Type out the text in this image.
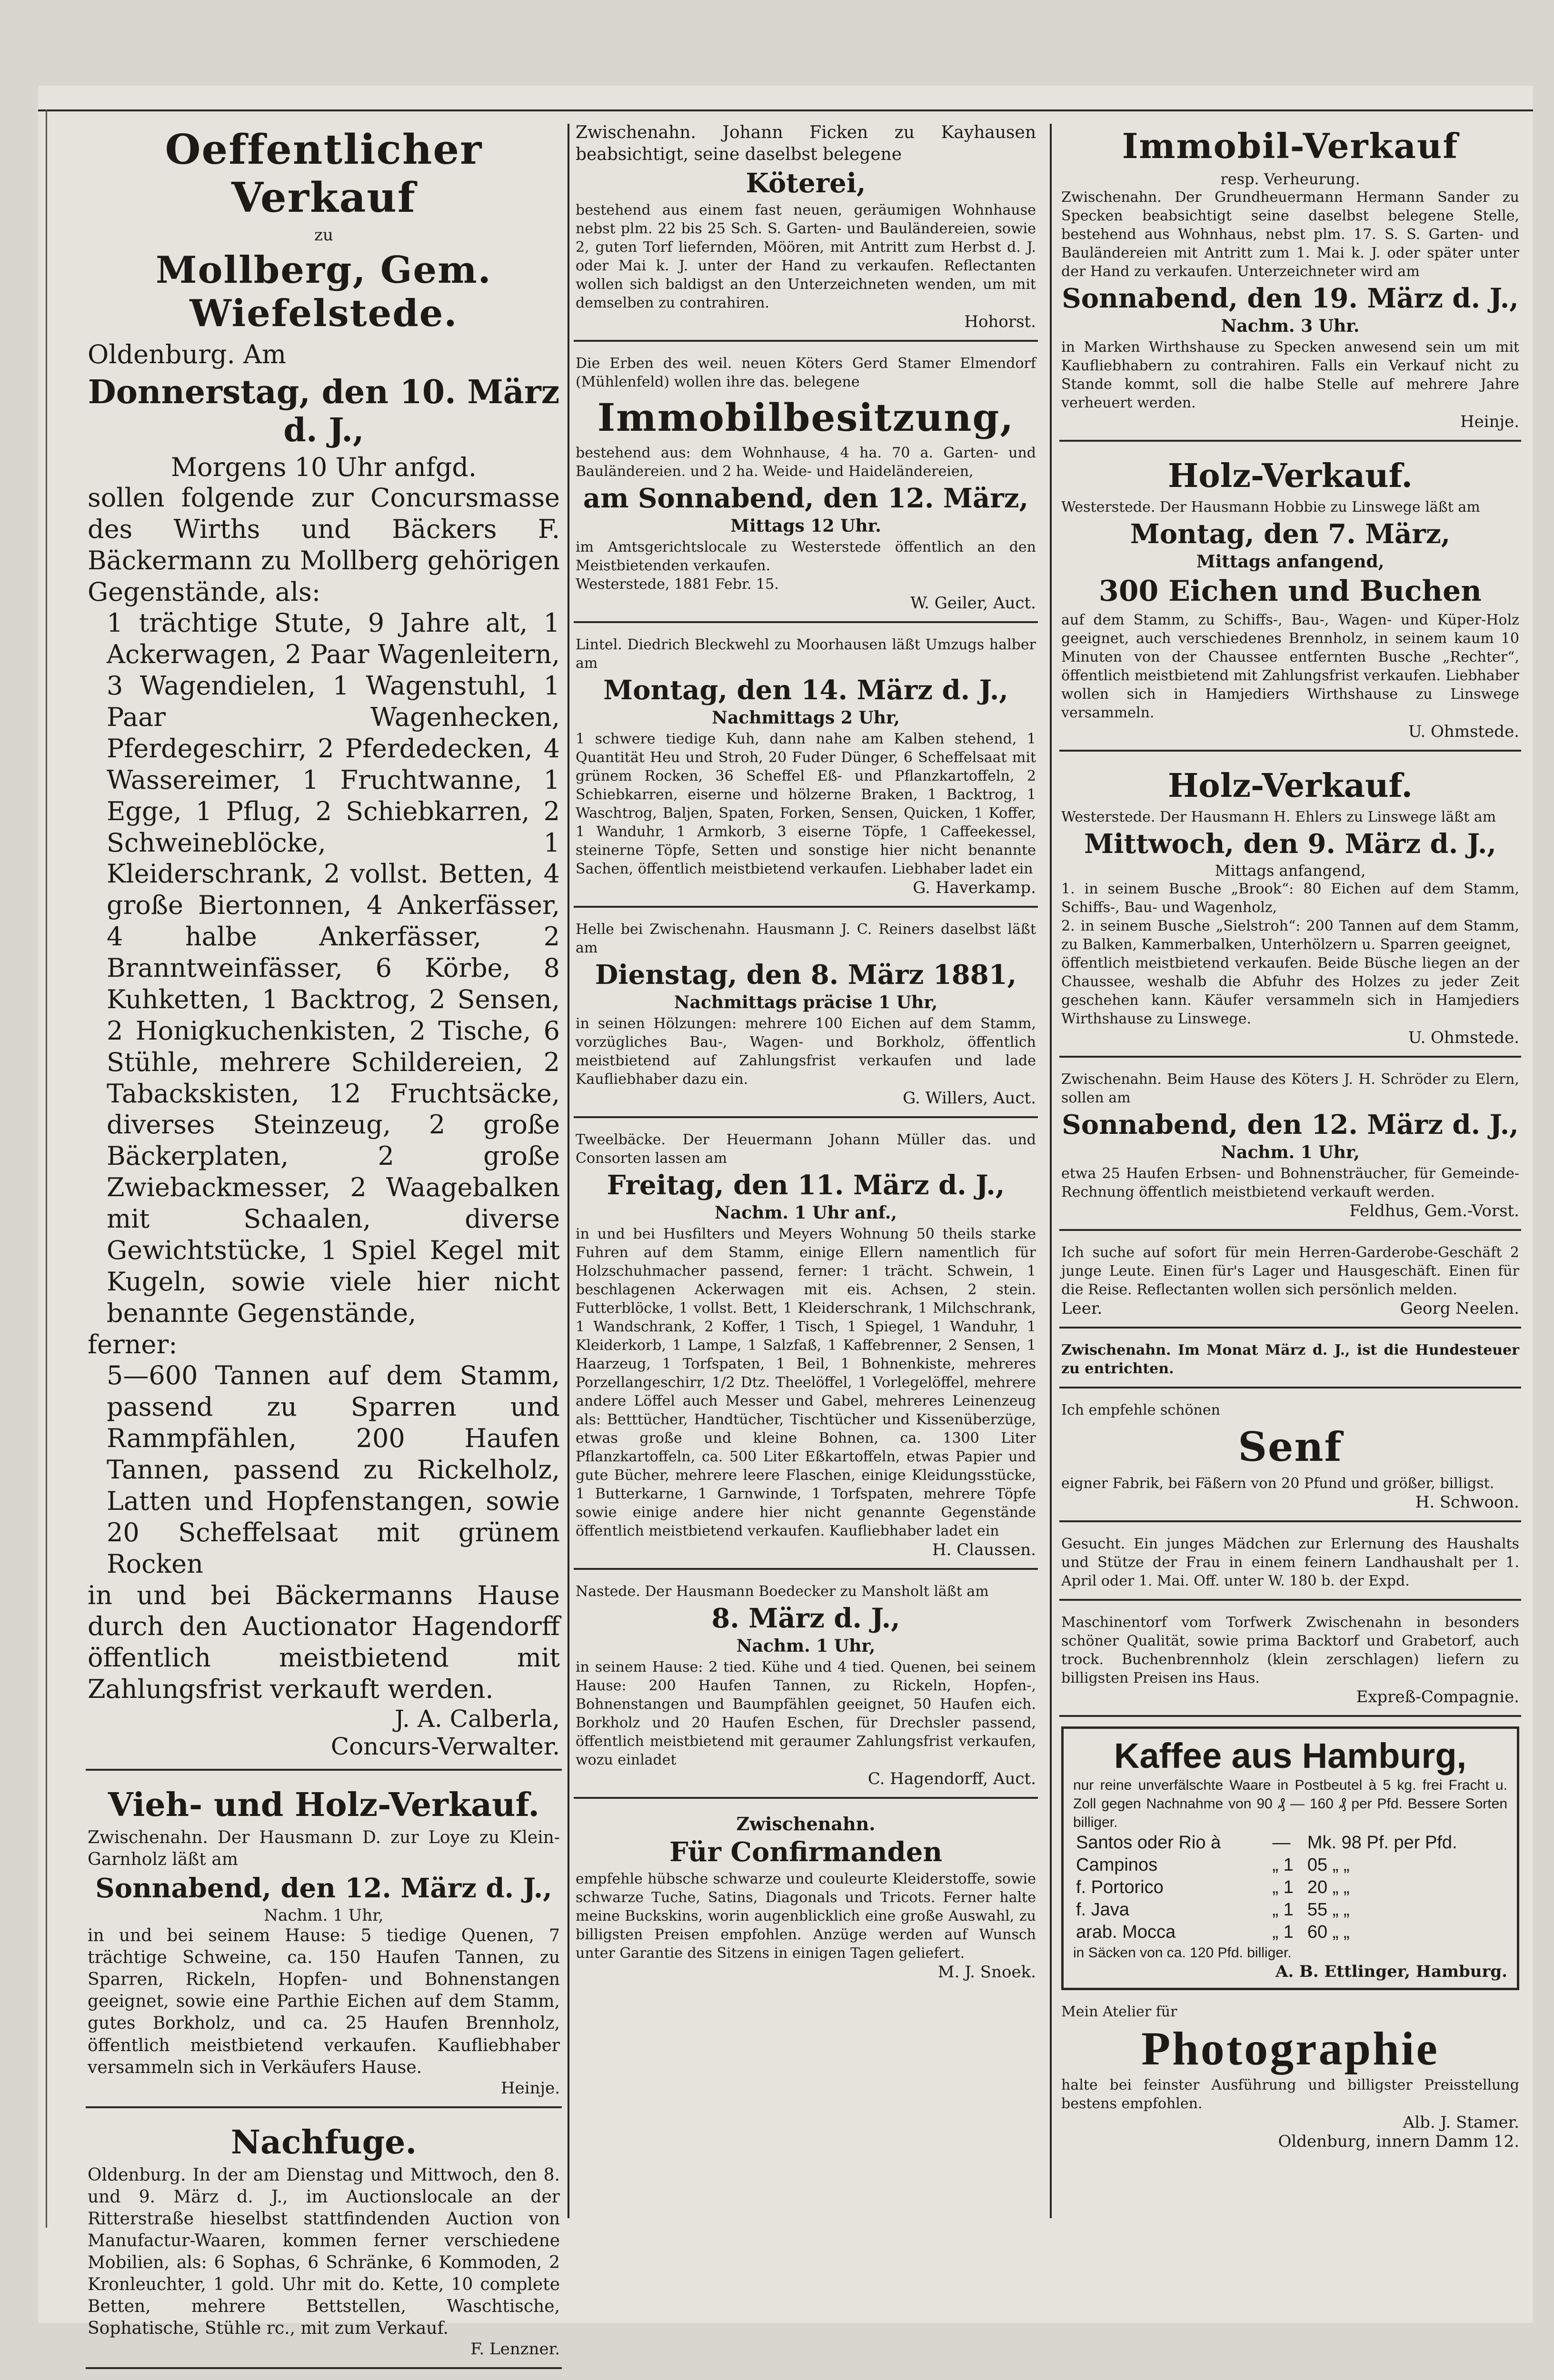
Oeffentlicher Verkauf
zu
Mollberg, Gem. Wiefelstede.

Oldenburg. Am

Donnerstag, den 10. März d. J.,
Morgens 10 Uhr anfgd.

sollen folgende zur Concursmasse des Wirths und Bäckers F. Bäckermann zu Mollberg gehörigen Gegenstände, als:

1 trächtige Stute, 9 Jahre alt, 1 Ackerwagen, 2 Paar Wagenleitern, 3 Wagendielen, 1 Wagenstuhl, 1 Paar Wagenhecken, Pferdegeschirr, 2 Pferdedecken, 4 Wassereimer, 1 Fruchtwanne, 1 Egge, 1 Pflug, 2 Schiebkarren, 2 Schweineblöcke, 1 Kleiderschrank, 2 vollst. Betten, 4 große Biertonnen, 4 Ankerfässer, 4 halbe Ankerfässer, 2 Branntweinfässer, 6 Körbe, 8 Kuhketten, 1 Backtrog, 2 Sensen, 2 Honigkuchenkisten, 2 Tische, 6 Stühle, mehrere Schildereien, 2 Tabackskisten, 12 Fruchtsäcke, diverses Steinzeug, 2 große Bäckerplaten, 2 große Zwiebackmesser, 2 Waagebalken mit Schaalen, diverse Gewichtstücke, 1 Spiel Kegel mit Kugeln, sowie viele hier nicht benannte Gegenstände,

ferner:

5—600 Tannen auf dem Stamm, passend zu Sparren und Rammpfählen, 200 Haufen Tannen, passend zu Rickelholz, Latten und Hopfenstangen, sowie 20 Scheffelsaat mit grünem Rocken

in und bei Bäckermanns Hause durch den Auctionator Hagendorff öffentlich meistbietend mit Zahlungsfrist verkauft werden.

J. A. Calberla,
Concurs-Verwalter.
Vieh- und Holz-Verkauf.

Zwischenahn. Der Hausmann D. zur Loye zu Klein-Garnholz läßt am

Sonnabend, den 12. März d. J.,
Nachm. 1 Uhr,

in und bei seinem Hause: 5 tiedige Quenen, 7 trächtige Schweine, ca. 150 Haufen Tannen, zu Sparren, Rickeln, Hopfen- und Bohnenstangen geeignet, sowie eine Parthie Eichen auf dem Stamm, gutes Borkholz, und ca. 25 Haufen Brennholz, öffentlich meistbietend verkaufen. Kaufliebhaber versammeln sich in Verkäufers Hause.

Heinje.
Nachfuge.

Oldenburg. In der am Dienstag und Mittwoch, den 8. und 9. März d. J., im Auctionslocale an der Ritterstraße hieselbst stattfindenden Auction von Manufactur-Waaren, kommen ferner verschiedene Mobilien, als: 6 Sophas, 6 Schränke, 6 Kommoden, 2 Kronleuchter, 1 gold. Uhr mit do. Kette, 10 complete Betten, mehrere Bettstellen, Waschtische, Sophatische, Stühle rc., mit zum Verkauf.

F. Lenzner.

Zwischenahn. Johann Ficken zu Kayhausen beabsichtigt, seine daselbst belegene

Köterei,

bestehend aus einem fast neuen, geräumigen Wohnhause nebst plm. 22 bis 25 Sch. S. Garten- und Bauländereien, sowie 2, guten Torf liefernden, Möören, mit Antritt zum Herbst d. J. oder Mai k. J. unter der Hand zu verkaufen. Reflectanten wollen sich baldigst an den Unterzeichneten wenden, um mit demselben zu contrahiren.

Hohorst.

Die Erben des weil. neuen Köters Gerd Stamer Elmendorf (Mühlenfeld) wollen ihre das. belegene

Immobilbesitzung,

bestehend aus: dem Wohnhause, 4 ha. 70 a. Garten- und Bauländereien. und 2 ha. Weide- und Haideländereien,

am Sonnabend, den 12. März,
Mittags 12 Uhr.

im Amtsgerichtslocale zu Westerstede öffentlich an den Meistbietenden verkaufen.

Westerstede, 1881 Febr. 15.

W. Geiler, Auct.

Lintel. Diedrich Bleckwehl zu Moorhausen läßt Umzugs halber am

Montag, den 14. März d. J.,
Nachmittags 2 Uhr,

1 schwere tiedige Kuh, dann nahe am Kalben stehend, 1 Quantität Heu und Stroh, 20 Fuder Dünger, 6 Scheffelsaat mit grünem Rocken, 36 Scheffel Eß- und Pflanzkartoffeln, 2 Schiebkarren, eiserne und hölzerne Braken, 1 Backtrog, 1 Waschtrog, Baljen, Spaten, Forken, Sensen, Quicken, 1 Koffer, 1 Wanduhr, 1 Armkorb, 3 eiserne Töpfe, 1 Caffeekessel, steinerne Töpfe, Setten und sonstige hier nicht benannte Sachen, öffentlich meistbietend verkaufen. Liebhaber ladet ein

G. Haverkamp.

Helle bei Zwischenahn. Hausmann J. C. Reiners daselbst läßt am

Dienstag, den 8. März 1881,
Nachmittags präcise 1 Uhr,

in seinen Hölzungen: mehrere 100 Eichen auf dem Stamm, vorzügliches Bau-, Wagen- und Borkholz, öffentlich meistbietend auf Zahlungsfrist verkaufen und lade Kaufliebhaber dazu ein.

G. Willers, Auct.

Tweelbäcke. Der Heuermann Johann Müller das. und Consorten lassen am

Freitag, den 11. März d. J.,
Nachm. 1 Uhr anf.,

in und bei Husfilters und Meyers Wohnung 50 theils starke Fuhren auf dem Stamm, einige Ellern namentlich für Holzschuhmacher passend, ferner: 1 trächt. Schwein, 1 beschlagenen Ackerwagen mit eis. Achsen, 2 stein. Futterblöcke, 1 vollst. Bett, 1 Kleiderschrank, 1 Milchschrank, 1 Wandschrank, 2 Koffer, 1 Tisch, 1 Spiegel, 1 Wanduhr, 1 Kleiderkorb, 1 Lampe, 1 Salzfaß, 1 Kaffebrenner, 2 Sensen, 1 Haarzeug, 1 Torfspaten, 1 Beil, 1 Bohnenkiste, mehreres Porzellangeschirr, 1/2 Dtz. Theelöffel, 1 Vorlegelöffel, mehrere andere Löffel auch Messer und Gabel, mehreres Leinenzeug als: Betttücher, Handtücher, Tischtücher und Kissenüberzüge, etwas große und kleine Bohnen, ca. 1300 Liter Pflanzkartoffeln, ca. 500 Liter Eßkartoffeln, etwas Papier und gute Bücher, mehrere leere Flaschen, einige Kleidungsstücke, 1 Butterkarne, 1 Garnwinde, 1 Torfspaten, mehrere Töpfe sowie einige andere hier nicht genannte Gegenstände öffentlich meistbietend verkaufen. Kaufliebhaber ladet ein

H. Claussen.

Nastede. Der Hausmann Boedecker zu Mansholt läßt am

8. März d. J.,
Nachm. 1 Uhr,

in seinem Hause: 2 tied. Kühe und 4 tied. Quenen, bei seinem Hause: 200 Haufen Tannen, zu Rickeln, Hopfen-, Bohnenstangen und Baumpfählen geeignet, 50 Haufen eich. Borkholz und 20 Haufen Eschen, für Drechsler passend, öffentlich meistbietend mit geraumer Zahlungsfrist verkaufen, wozu einladet

C. Hagendorff, Auct.
Zwischenahn.
Für Confirmanden

empfehle hübsche schwarze und couleurte Kleiderstoffe, sowie schwarze Tuche, Satins, Diagonals und Tricots. Ferner halte meine Buckskins, worin augenblicklich eine große Auswahl, zu billigsten Preisen empfohlen. Anzüge werden auf Wunsch unter Garantie des Sitzens in einigen Tagen geliefert.

M. J. Snoek.
Immobil-Verkauf
resp. Verheurung.

Zwischenahn. Der Grundheuermann Hermann Sander zu Specken beabsichtigt seine daselbst belegene Stelle, bestehend aus Wohnhaus, nebst plm. 17. S. S. Garten- und Bauländereien mit Antritt zum 1. Mai k. J. oder später unter der Hand zu verkaufen. Unterzeichneter wird am

Sonnabend, den 19. März d. J.,
Nachm. 3 Uhr.

in Marken Wirthshause zu Specken anwesend sein um mit Kaufliebhabern zu contrahiren. Falls ein Verkauf nicht zu Stande kommt, soll die halbe Stelle auf mehrere Jahre verheuert werden.

Heinje.
Holz-Verkauf.

Westerstede. Der Hausmann Hobbie zu Linswege läßt am

Montag, den 7. März,
Mittags anfangend,
300 Eichen und Buchen

auf dem Stamm, zu Schiffs-, Bau-, Wagen- und Küper-Holz geeignet, auch verschiedenes Brennholz, in seinem kaum 10 Minuten von der Chaussee entfernten Busche „Rechter“, öffentlich meistbietend mit Zahlungsfrist verkaufen. Liebhaber wollen sich in Hamjediers Wirthshause zu Linswege versammeln.

U. Ohmstede.
Holz-Verkauf.

Westerstede. Der Hausmann H. Ehlers zu Linswege läßt am

Mittwoch, den 9. März d. J.,
Mittags anfangend,

1. in seinem Busche „Brook“: 80 Eichen auf dem Stamm, Schiffs-, Bau- und Wagenholz,

2. in seinem Busche „Sielstroh“: 200 Tannen auf dem Stamm, zu Balken, Kammerbalken, Unterhölzern u. Sparren geeignet,

öffentlich meistbietend verkaufen. Beide Büsche liegen an der Chaussee, weshalb die Abfuhr des Holzes zu jeder Zeit geschehen kann. Käufer versammeln sich in Hamjediers Wirthshause zu Linswege.

U. Ohmstede.

Zwischenahn. Beim Hause des Köters J. H. Schröder zu Elern, sollen am

Sonnabend, den 12. März d. J.,
Nachm. 1 Uhr,

etwa 25 Haufen Erbsen- und Bohnensträucher, für Gemeinde-Rechnung öffentlich meistbietend verkauft werden.

Feldhus, Gem.-Vorst.

Ich suche auf sofort für mein Herren-Garderobe-Geschäft 2 junge Leute. Einen für's Lager und Hausgeschäft. Einen für die Reise. Reflectanten wollen sich persönlich melden.

Leer.	Georg Neelen.

Zwischenahn. Im Monat März d. J., ist die Hundesteuer zu entrichten.

Ich empfehle schönen

Senf

eigner Fabrik, bei Fäßern von 20 Pfund und größer, billigst.

H. Schwoon.

Gesucht. Ein junges Mädchen zur Erlernung des Haushalts und Stütze der Frau in einem feinern Landhaushalt per 1. April oder 1. Mai. Off. unter W. 180 b. der Expd.

Maschinentorf vom Torfwerk Zwischenahn in besonders schöner Qualität, sowie prima Backtorf und Grabetorf, auch trock. Buchenbrennholz (klein zerschlagen) liefern zu billigsten Preisen ins Haus.

Expreß-Compagnie.
Kaffee aus Hamburg,

nur reine unverfälschte Waare in Postbeutel à 5 kg. frei Fracht u. Zoll gegen Nachnahme von 90 ₰ — 160 ₰ per Pfd. Bessere Sorten billiger.

Santos oder Rio à	—	Mk. 98 Pf. per Pfd.
Campinos	„ 1	05 „ „
f. Portorico	„ 1	20 „ „
f. Java	„ 1	55 „ „
arab. Mocca	„ 1	60 „ „

in Säcken von ca. 120 Pfd. billiger.

A. B. Ettlinger, Hamburg.

Mein Atelier für

Photographie

halte bei feinster Ausführung und billigster Preisstellung bestens empfohlen.

Alb. J. Stamer.
Oldenburg, innern Damm 12.
